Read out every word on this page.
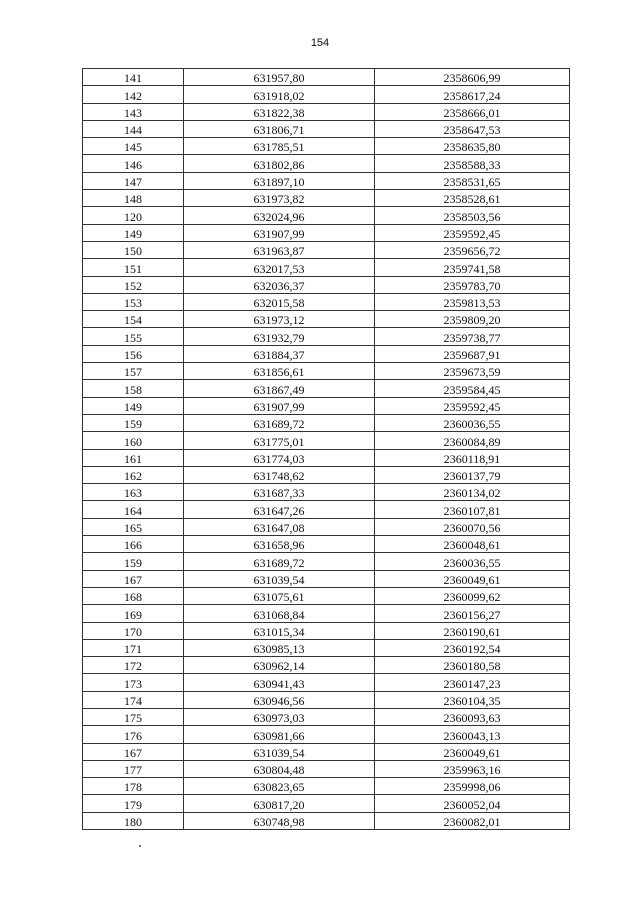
154
141	631957,80	2358606,99
142	631918,02	2358617,24
143	631822,38	2358666,01
144	631806,71	2358647,53
145	631785,51	2358635,80
146	631802,86	2358588,33
147	631897,10	2358531,65
148	631973,82	2358528,61
120	632024,96	2358503,56
149	631907,99	2359592,45
150	631963,87	2359656,72
151	632017,53	2359741,58
152	632036,37	2359783,70
153	632015,58	2359813,53
154	631973,12	2359809,20
155	631932,79	2359738,77
156	631884,37	2359687,91
157	631856,61	2359673,59
158	631867,49	2359584,45
149	631907,99	2359592,45
159	631689,72	2360036,55
160	631775,01	2360084,89
161	631774,03	2360118,91
162	631748,62	2360137,79
163	631687,33	2360134,02
164	631647,26	2360107,81
165	631647,08	2360070,56
166	631658,96	2360048,61
159	631689,72	2360036,55
167	631039,54	2360049,61
168	631075,61	2360099,62
169	631068,84	2360156,27
170	631015,34	2360190,61
171	630985,13	2360192,54
172	630962,14	2360180,58
173	630941,43	2360147,23
174	630946,56	2360104,35
175	630973,03	2360093,63
176	630981,66	2360043,13
167	631039,54	2360049,61
177	630804,48	2359963,16
178	630823,65	2359998,06
179	630817,20	2360052,04
180	630748,98	2360082,01
